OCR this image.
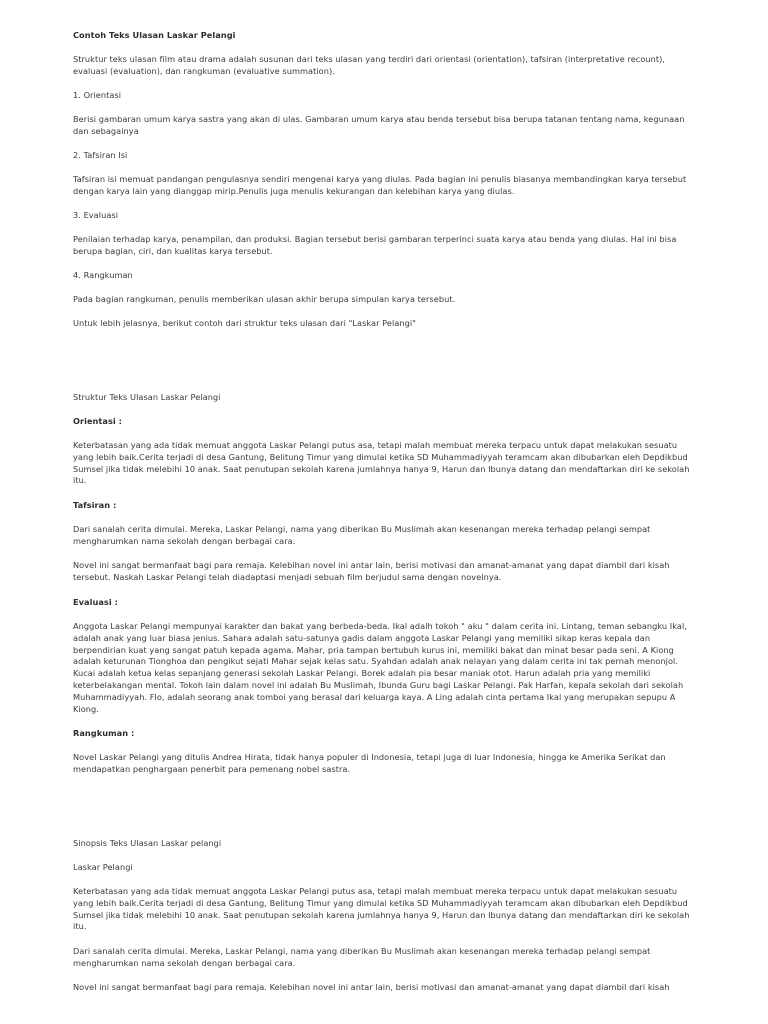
Contoh Teks Ulasan Laskar Pelangi

Struktur teks ulasan film atau drama adalah susunan dari teks ulasan yang terdiri dari orientasi (orientation), tafsiran (interpretative recount), evaluasi (evaluation), dan rangkuman (evaluative summation).

1. Orientasi

Berisi gambaran umum karya sastra yang akan di ulas. Gambaran umum karya atau benda tersebut bisa berupa tatanan tentang nama, kegunaan dan sebagainya

2. Tafsiran Isi

Tafsiran isi memuat pandangan pengulasnya sendiri mengenai karya yang diulas. Pada bagian ini penulis biasanya membandingkan karya tersebut dengan karya lain yang dianggap mirip.Penulis juga menulis kekurangan dan kelebihan karya yang diulas.

3. Evaluasi

Penilaian terhadap karya, penampilan, dan produksi. Bagian tersebut berisi gambaran terperinci suata karya atau benda yang diulas. Hal ini bisa berupa bagian, ciri, dan kualitas karya tersebut.

4. Rangkuman

Pada bagian rangkuman, penulis memberikan ulasan akhir berupa simpulan karya tersebut.

Untuk lebih jelasnya, berikut contoh dari struktur teks ulasan dari "Laskar Pelangi"

Struktur Teks Ulasan Laskar Pelangi

Orientasi :

Keterbatasan yang ada tidak memuat anggota Laskar Pelangi putus asa, tetapi malah membuat mereka terpacu untuk dapat melakukan sesuatu yang lebih baik.Cerita terjadi di desa Gantung, Belitung Timur yang dimulai ketika SD Muhammadiyyah teramcam akan dibubarkan eleh Depdikbud Sumsel jika tidak melebihi 10 anak. Saat penutupan sekolah karena jumlahnya hanya 9, Harun dan Ibunya datang dan mendaftarkan diri ke sekolah itu.

Tafsiran :

Dari sanalah cerita dimulai. Mereka, Laskar Pelangi, nama yang diberikan Bu Muslimah akan kesenangan mereka terhadap pelangi sempat mengharumkan nama sekolah dengan berbagai cara.

Novel ini sangat bermanfaat bagi para remaja. Kelebihan novel ini antar lain, berisi motivasi dan amanat-amanat yang dapat diambil dari kisah tersebut. Naskah Laskar Pelangi telah diadaptasi menjadi sebuah film berjudul sama dengan novelnya.

Evaluasi :

Anggota Laskar Pelangi mempunyai karakter dan bakat yang berbeda-beda. Ikal adalh tokoh " aku " dalam cerita ini. Lintang, teman sebangku Ikal, adalah anak yang luar biasa jenius. Sahara adalah satu-satunya gadis dalam anggota Laskar Pelangi yang memiliki sikap keras kepala dan berpendirian kuat yang sangat patuh kepada agama. Mahar, pria tampan bertubuh kurus ini, memiliki bakat dan minat besar pada seni. A Kiong adalah keturunan Tionghoa dan pengikut sejati Mahar sejak kelas satu. Syahdan adalah anak nelayan yang dalam cerita ini tak pernah menonjol. Kucai adalah ketua kelas sepanjang generasi sekolah Laskar Pelangi. Borek adalah pia besar maniak otot. Harun adalah pria yang memiliki keterbelakangan mental. Tokoh lain dalam novel ini adalah Bu Muslimah, Ibunda Guru bagi Laskar Pelangi. Pak Harfan, kepala sekolah dari sekolah Muhammadiyyah. Flo, adalah seorang anak tomboi yang berasal dari keluarga kaya. A Ling adalah cinta pertama Ikal yang merupakan sepupu A Kiong.

Rangkuman :

Novel Laskar Pelangi yang ditulis Andrea Hirata, tidak hanya populer di Indonesia, tetapi juga di luar Indonesia, hingga ke Amerika Serikat dan mendapatkan penghargaan penerbit para pemenang nobel sastra.

Sinopsis Teks Ulasan Laskar pelangi

Laskar Pelangi

Keterbatasan yang ada tidak memuat anggota Laskar Pelangi putus asa, tetapi malah membuat mereka terpacu untuk dapat melakukan sesuatu yang lebih baik.Cerita terjadi di desa Gantung, Belitung Timur yang dimulai ketika SD Muhammadiyyah teramcam akan dibubarkan eleh Depdikbud Sumsel jika tidak melebihi 10 anak. Saat penutupan sekolah karena jumlahnya hanya 9, Harun dan Ibunya datang dan mendaftarkan diri ke sekolah itu.

Dari sanalah cerita dimulai. Mereka, Laskar Pelangi, nama yang diberikan Bu Muslimah akan kesenangan mereka terhadap pelangi sempat mengharumkan nama sekolah dengan berbagai cara.

Novel ini sangat bermanfaat bagi para remaja. Kelebihan novel ini antar lain, berisi motivasi dan amanat-amanat yang dapat diambil dari kisah
